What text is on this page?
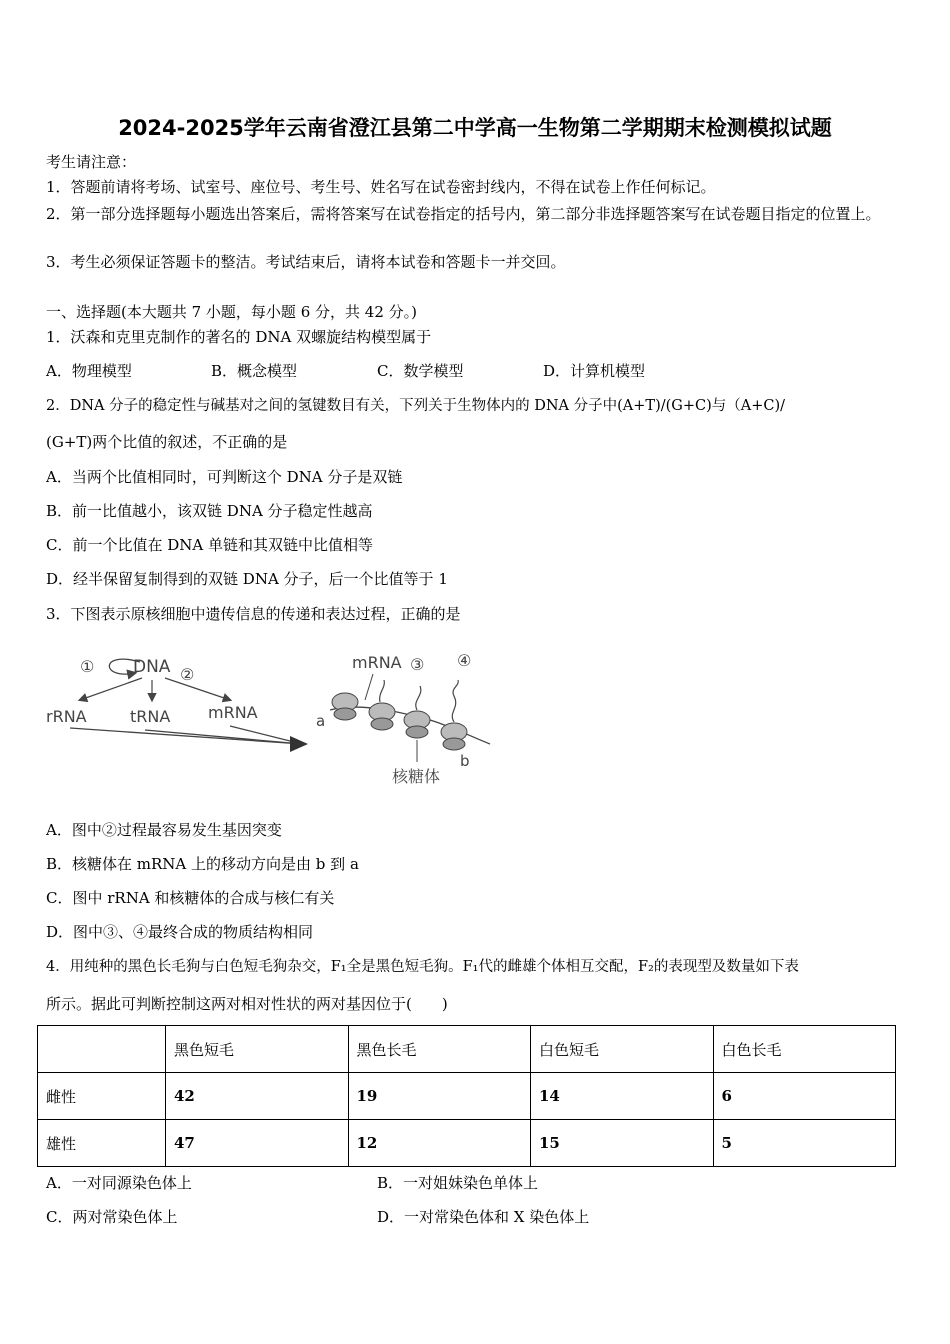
2024-2025学年云南省澄江县第二中学高一生物第二学期期末检测模拟试题
考生请注意：
1．答题前请将考场、试室号、座位号、考生号、姓名写在试卷密封线内，不得在试卷上作任何标记。
2．第一部分选择题每小题选出答案后，需将答案写在试卷指定的括号内，第二部分非选择题答案写在试卷题目指定的位置上。
3．考生必须保证答题卡的整洁。考试结束后，请将本试卷和答题卡一并交回。
一、选择题(本大题共 7 小题，每小题 6 分，共 42 分。)
1．沃森和克里克制作的著名的 DNA 双螺旋结构模型属于
A．物理模型	B．概念模型	C．数学模型	D．计算机模型
2．DNA 分子的稳定性与碱基对之间的氢键数目有关，下列关于生物体内的 DNA 分子中(A+T)/(G+C)与（A+C)/
(G+T)两个比值的叙述，不正确的是
A．当两个比值相同时，可判断这个 DNA 分子是双链
B．前一比值越小，该双链 DNA 分子稳定性越高
C．前一个比值在 DNA 单链和其双链中比值相等
D．经半保留复制得到的双链 DNA 分子，后一个比值等于 1
3．下图表示原核细胞中遗传信息的传递和表达过程，正确的是
① DNA ②
rRNA	tRNA mRNA
mRNA ③ ④
a
b
核糖体
A．图中②过程最容易发生基因突变
B．核糖体在 mRNA 上的移动方向是由 b 到 a
C．图中 rRNA 和核糖体的合成与核仁有关
D．图中③、④最终合成的物质结构相同
4．用纯种的黑色长毛狗与白色短毛狗杂交，F₁全是黑色短毛狗。F₁代的雌雄个体相互交配，F₂的表现型及数量如下表
所示。据此可判断控制这两对相对性状的两对基因位于(　　)
	黑色短毛	黑色长毛	白色短毛	白色长毛
雌性	42	19	14	6
雄性	47	12	15	5
A．一对同源染色体上	B．一对姐妹染色单体上
C．两对常染色体上	D．一对常染色体和 X 染色体上
